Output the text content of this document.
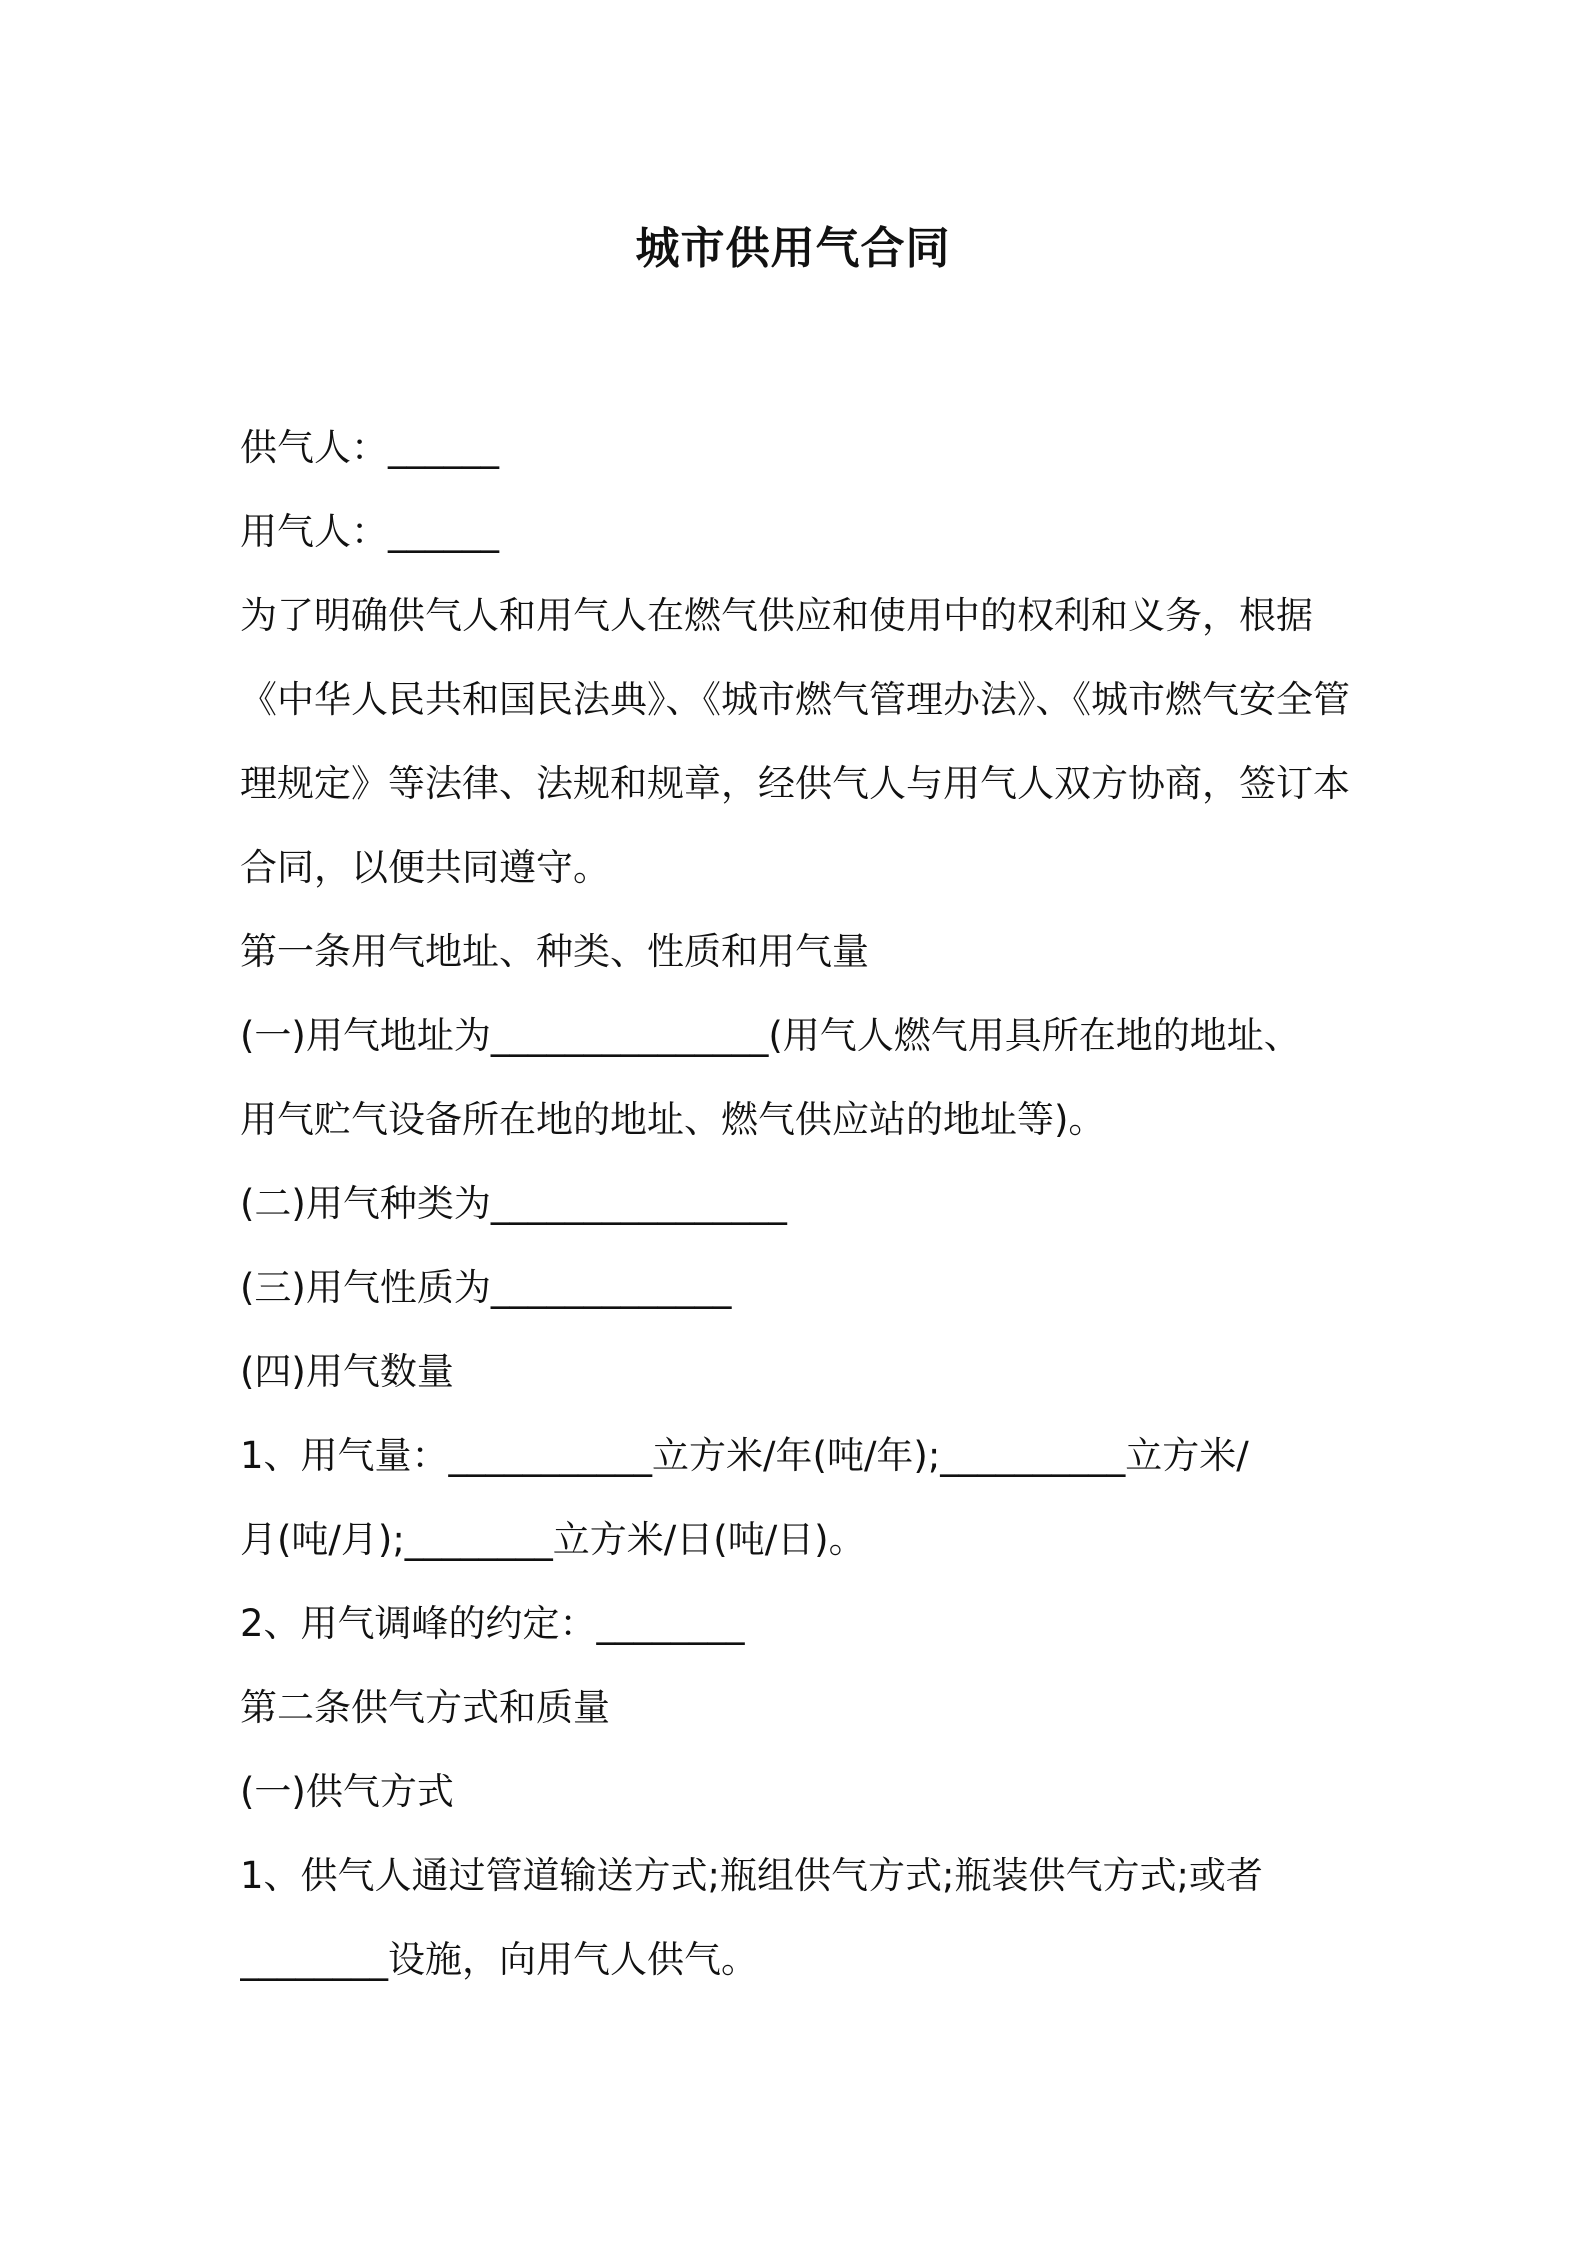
城市供用气合同

供气人：______

用气人：______

为了明确供气人和用气人在燃气供应和使用中的权利和义务，根据

《中华人民共和国民法典》、《城市燃气管理办法》、《城市燃气安全管

理规定》等法律、法规和规章，经供气人与用气人双方协商，签订本

合同，以便共同遵守。

第一条用气地址、种类、性质和用气量

(一)用气地址为_______________(用气人燃气用具所在地的地址、

用气贮气设备所在地的地址、燃气供应站的地址等)。

(二)用气种类为________________

(三)用气性质为_____________

(四)用气数量

1、用气量：___________立方米/年(吨/年);__________立方米/

月(吨/月);________立方米/日(吨/日)。

2、用气调峰的约定：________

第二条供气方式和质量

(一)供气方式

1、供气人通过管道输送方式;瓶组供气方式;瓶装供气方式;或者

________设施，向用气人供气。
